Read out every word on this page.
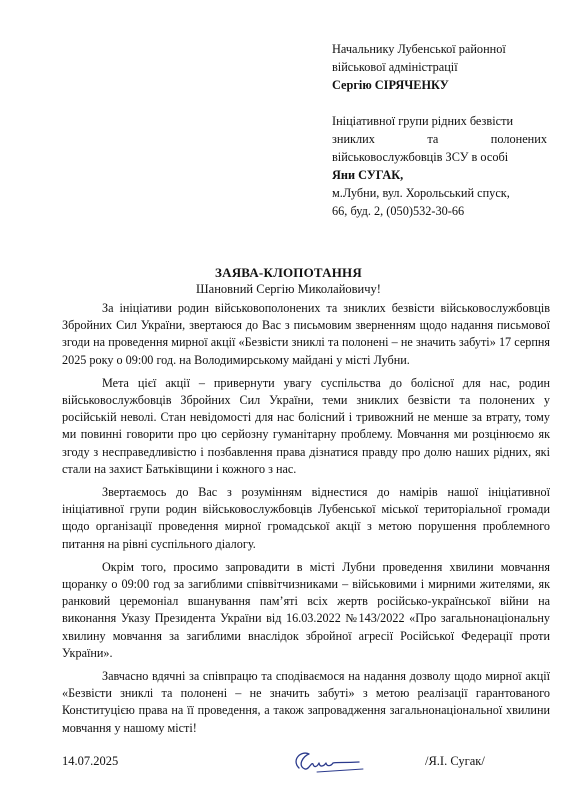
Начальнику Лубенської районної
військової адміністрації
Сергію СІРЯЧЕНКУ
Ініціативної групи рідних безвісти
зниклих та полонених
військовослужбовців ЗСУ в особі
Яни СУГАК,
м.Лубни, вул. Хорольський спуск,
66, буд. 2, (050)532-30-66
ЗАЯВА-КЛОПОТАННЯ
Шановний Сергію Миколайовичу!

За ініціативи родин військовополонених та зниклих безвісти військовослужбовців Збройних Сил України, звертаюся до Вас з письмовим зверненням щодо надання письмової згоди на проведення мирної акції «Безвісти зниклі та полонені – не значить забуті» 17 серпня 2025 року о 09:00 год. на Володимирському майдані у місті Лубни.

Мета цієї акції – привернути увагу суспільства до болісної для нас, родин військовослужбовців Збройних Сил України, теми зниклих безвісти та полонених у російській неволі. Стан невідомості для нас болісний і тривожний не менше за втрату, тому ми повинні говорити про цю серйозну гуманітарну проблему. Мовчання ми розцінюємо як згоду з несправедливістю і позбавлення права дізнатися правду про долю наших рідних, які стали на захист Батьківщини і кожного з нас.

Звертаємось до Вас з розумінням віднестися до намірів нашої ініціативної ініціативної групи родин військовослужбовців Лубенської міської територіальної громади щодо організації проведення мирної громадської акції з метою порушення проблемного питання на рівні суспільного діалогу.

Окрім того, просимо запровадити в місті Лубни проведення хвилини мовчання щоранку о 09:00 год за загиблими співвітчизниками – військовими і мирними жителями, як ранковий церемоніал вшанування пам’яті всіх жертв російсько-української війни на виконання Указу Президента України від 16.03.2022 №143/2022 «Про загальнонаціональну хвилину мовчання за загиблими внаслідок збройної агресії Російської Федерації проти України».

Завчасно вдячні за співпрацю та сподіваємося на надання дозволу щодо мирної акції «Безвісти зниклі та полонені – не значить забуті» з метою реалізації гарантованого Конституцією права на її проведення, а також запровадження загальнонаціональної хвилини мовчання у нашому місті!

14.07.2025	/Я.І. Сугак/
